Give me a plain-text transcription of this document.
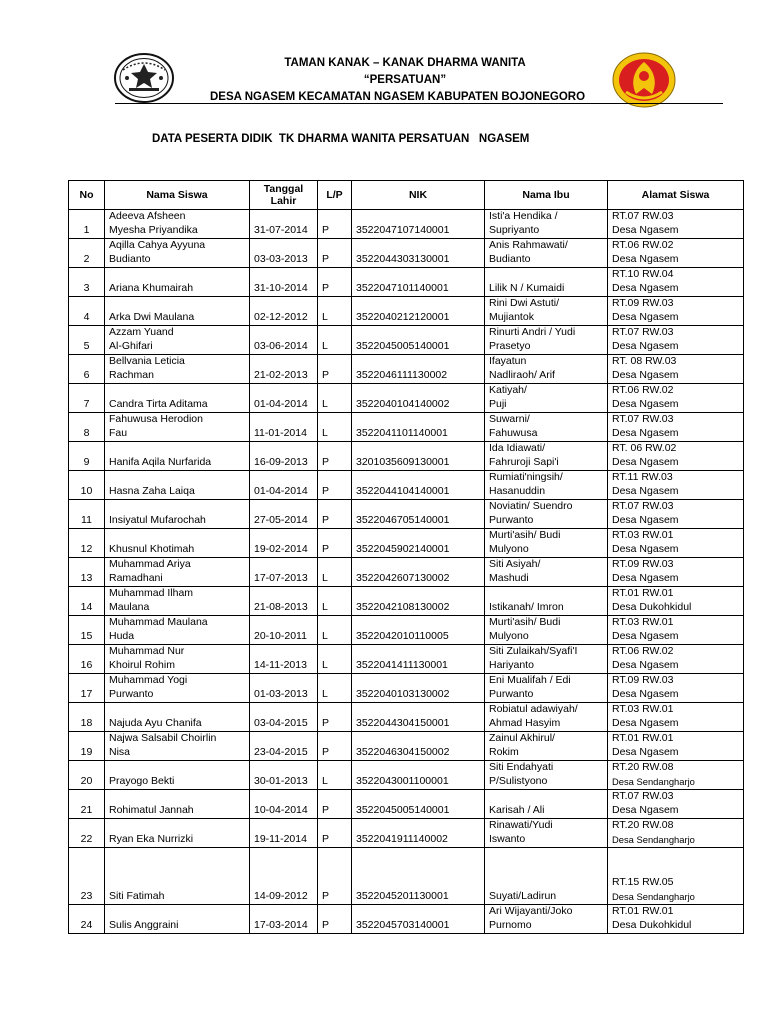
TAMAN KANAK – KANAK DHARMA WANITA
“PERSATUAN”
DESA NGASEM KECAMATAN NGASEM KABUPATEN BOJONEGORO
DATA PESERTA DIDIK  TK DHARMA WANITA PERSATUAN   NGASEM
No	Nama Siswa	Tanggal
Lahir	L/P	NIK	Nama Ibu	Alamat Siswa
1	Adeeva Afsheen
Myesha Priyandika	31-07-2014	P	3522047107140001	Isti'a Hendika /
Supriyanto	RT.07 RW.03
Desa Ngasem

2	Aqilla Cahya Ayyuna
Budianto	03-03-2013	P	3522044303130001	Anis Rahmawati/
Budianto	RT.06 RW.02
Desa Ngasem

3	Ariana Khumairah	31-10-2014	P	3522047101140001	Lilik N / Kumaidi	RT.10 RW.04
Desa Ngasem

4	Arka Dwi Maulana	02-12-2012	L	3522040212120001	Rini Dwi Astuti/
Mujiantok	RT.09 RW.03
Desa Ngasem

5	Azzam Yuand
Al-Ghifari	03-06-2014	L	3522045005140001	Rinurti Andri / Yudi
Prasetyo	RT.07 RW.03
Desa Ngasem

6	Bellvania Leticia
Rachman	21-02-2013	P	3522046111130002	Ifayatun
Nadliraoh/ Arif	RT. 08 RW.03
Desa Ngasem

7	Candra Tirta Aditama	01-04-2014	L	3522040104140002	Katiyah/
Puji	RT.06 RW.02
Desa Ngasem

8	Fahuwusa Herodion
Fau	11-01-2014	L	3522041101140001	Suwarni/
Fahuwusa	RT.07 RW.03
Desa Ngasem

9	Hanifa Aqila Nurfarida	16-09-2013	P	3201035609130001	Ida Idiawati/
Fahruroji Sapi'i	RT. 06 RW.02
Desa Ngasem

10	Hasna Zaha Laiqa	01-04-2014	P	3522044104140001	Rumiati'ningsih/
Hasanuddin	RT.11 RW.03
Desa Ngasem

11	Insiyatul Mufarochah	27-05-2014	P	3522046705140001	Noviatin/ Suendro
Purwanto	RT.07 RW.03
Desa Ngasem

12	Khusnul Khotimah	19-02-2014	P	3522045902140001	Murti'asih/ Budi
Mulyono	RT.03 RW.01
Desa Ngasem

13	Muhammad Ariya
Ramadhani	17-07-2013	L	3522042607130002	Siti Asiyah/
Mashudi	RT.09 RW.03
Desa Ngasem

14	Muhammad Ilham
Maulana	21-08-2013	L	3522042108130002	Istikanah/ Imron	RT.01 RW.01
Desa Dukohkidul

15	Muhammad Maulana
Huda	20-10-2011	L	3522042010110005	Murti'asih/ Budi
Mulyono	RT.03 RW.01
Desa Ngasem

16	Muhammad Nur
Khoirul Rohim	14-11-2013	L	3522041411130001	Siti Zulaikah/Syafi'I
Hariyanto	RT.06 RW.02
Desa Ngasem

17	Muhammad Yogi
Purwanto	01-03-2013	L	3522040103130002	Eni Mualifah / Edi
Purwanto	RT.09 RW.03
Desa Ngasem

18	Najuda Ayu Chanifa	03-04-2015	P	3522044304150001	Robiatul adawiyah/
Ahmad Hasyim	RT.03 RW.01
Desa Ngasem

19	Najwa Salsabil Choirlin
Nisa	23-04-2015	P	3522046304150002	Zainul Akhirul/
Rokim	RT.01 RW.01
Desa Ngasem

20	Prayogo Bekti	30-01-2013	L	3522043001100001	Siti Endahyati
P/Sulistyono	RT.20 RW.08
Desa Sendangharjo

21	Rohimatul Jannah	10-04-2014	P	3522045005140001	Karisah / Ali	RT.07 RW.03
Desa Ngasem

22	Ryan Eka Nurrizki	19-11-2014	P	3522041911140002	Rinawati/Yudi
Iswanto	RT.20 RW.08
Desa Sendangharjo

23	Siti Fatimah	14-09-2012	P	3522045201130001	Suyati/Ladirun	RT.15 RW.05
Desa Sendangharjo

24	Sulis Anggraini	17-03-2014	P	3522045703140001	Ari Wijayanti/Joko
Purnomo	RT.01 RW.01
Desa Dukohkidul
